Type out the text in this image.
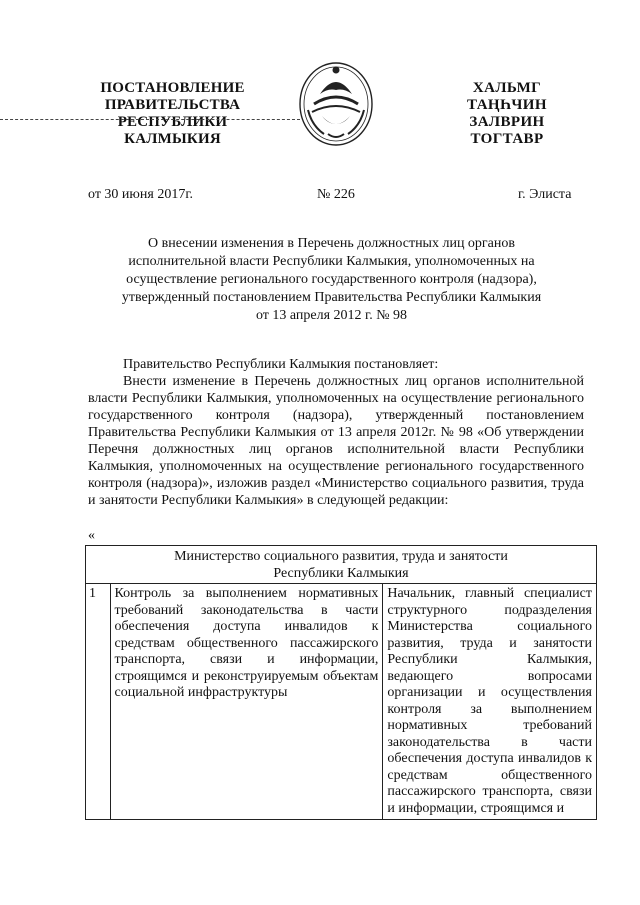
ПОСТАНОВЛЕНИЕ
ПРАВИТЕЛЬСТВА
РЕСПУБЛИКИ
КАЛМЫКИЯ
ХАЛЬМГ
ТАҢҺЧИН
ЗАЛВРИН
ТОГТАВР
от 30 июня 2017г.	№ 226	г. Элиста
О внесении изменения в Перечень должностных лиц органов
исполнительной власти Республики Калмыкия, уполномоченных на
осуществление регионального государственного контроля (надзора),
утвержденный постановлением Правительства Республики Калмыкия
от 13 апреля 2012 г. № 98
Правительство Республики Калмыкия постановляет:
Внести изменение в Перечень должностных лиц органов исполнительной власти Республики Калмыкия, уполномоченных на осуществление регионального государственного контроля (надзора), утвержденный постановлением Правительства Республики Калмыкия от 13 апреля 2012г. № 98 «Об утверждении Перечня должностных лиц органов исполнительной власти Республики Калмыкия, уполномоченных на осуществление регионального государственного контроля (надзора)», изложив раздел «Министерство социального развития, труда и занятости Республики Калмыкия» в следующей редакции:
«
Министерство социального развития, труда и занятости
Республики Калмыкия

1	Контроль за выполнением нормативных требований законодательства в части обеспечения доступа инвалидов к средствам общественного пассажирского транспорта, связи и информации, строящимся и реконструируемым объектам социальной инфраструктуры	Начальник, главный специалист структурного подразделения Министерства социального развития, труда и занятости Республики Калмыкия, ведающего вопросами организации и осуществления контроля за выполнением нормативных требований законодательства в части обеспечения доступа инвалидов к средствам общественного пассажирского транспорта, связи и информации, строящимся и
